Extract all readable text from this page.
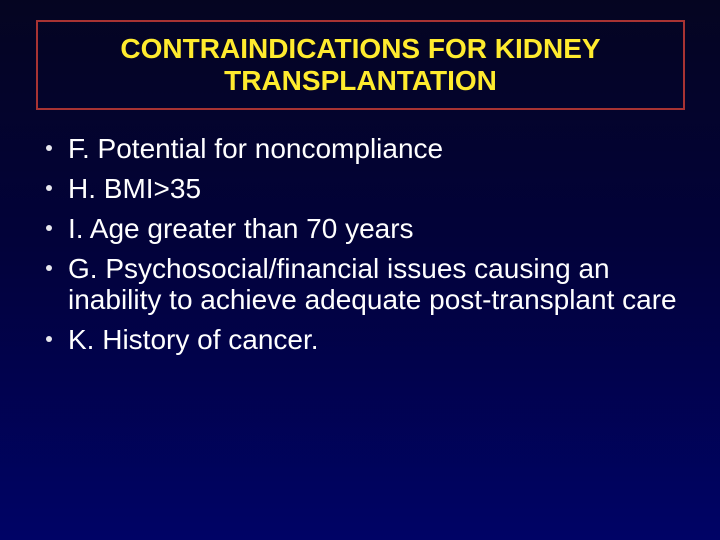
CONTRAINDICATIONS FOR KIDNEY TRANSPLANTATION
F. Potential for noncompliance
H. BMI>35
I. Age greater than 70 years
G. Psychosocial/financial issues causing an inability to achieve adequate post-transplant care
K. History of cancer.
